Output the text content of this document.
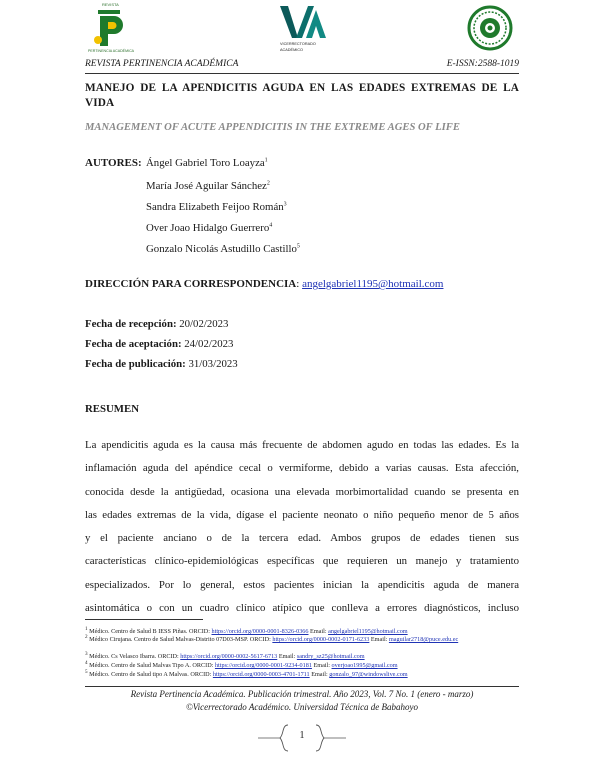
REVISTA
PERTINENCIA ACADÉMICA
VICERRECTORADO
ACADÉMICO
REVISTA PERTINENCIA ACADÉMICA	E-ISSN:2588-1019
MANEJO DE LA APENDICITIS AGUDA EN LAS EDADES EXTREMAS DE LA VIDA
MANAGEMENT OF ACUTE APPENDICITIS IN THE EXTREME AGES OF LIFE
AUTORES: Ángel Gabriel Toro Loayza$^1$
María José Aguilar Sánchez$^2$
Sandra Elizabeth Feijoo Román$^3$
Over Joao Hidalgo Guerrero$^4$
Gonzalo Nicolás Astudillo Castillo$^5$
DIRECCIÓN PARA CORRESPONDENCIA: angelgabriel1195@hotmail.com
Fecha de recepción: 20/02/2023
Fecha de aceptación: 24/02/2023
Fecha de publicación: 31/03/2023
RESUMEN
La apendicitis aguda es la causa más frecuente de abdomen agudo en todas las edades. Es la
inflamación aguda del apéndice cecal o vermiforme, debido a varias causas. Esta afección,
conocida desde la antigüedad, ocasiona una elevada morbimortalidad cuando se presenta en
las edades extremas de la vida, dígase el paciente neonato o niño pequeño menor de 5 años
y el paciente anciano o de la tercera edad. Ambos grupos de edades tienen sus
características clínico-epidemiológicas específicas que requieren un manejo y tratamiento
especializados. Por lo general, estos pacientes inician la apendicitis aguda de manera
asintomática o con un cuadro clínico atípico que conlleva a errores diagnósticos, incluso
$^1$ Médico. Centro de Salud B IESS Piñas. ORCID: https://orcid.org/0000-0001-8326-0366 Email: angelgabriel1195@hotmail.com
$^2$ Médico Cirujana. Centro de Salud Malvas-Distrito 07D03-MSP. ORCID: https://orcid.org/0000-0002-0171-6233 Email: maguilar2718@pucе.edu.ec
$^3$ Médico. Cs Velasco Ibarra. ORCID: https://orcid.org/0000-0002-5617-6713 Email: sandry_sz25@hotmail.com
$^4$ Médico. Centro de Salud Malvas Tipo A. ORCID: https://orcid.org/0000-0001-9234-0181 Email: overjoao1995@gmail.com
$^5$ Médico. Centro de Salud tipo A Malvas. ORCID: https://orcid.org/0000-0003-4701-1711 Email: gonzalo_97@windowslive.com
Revista Pertinencia Académica. Publicación trimestral. Año 2023, Vol. 7 No. 1 (enero - marzo)
©Vicerrectorado Académico. Universidad Técnica de Babahoyo
1
